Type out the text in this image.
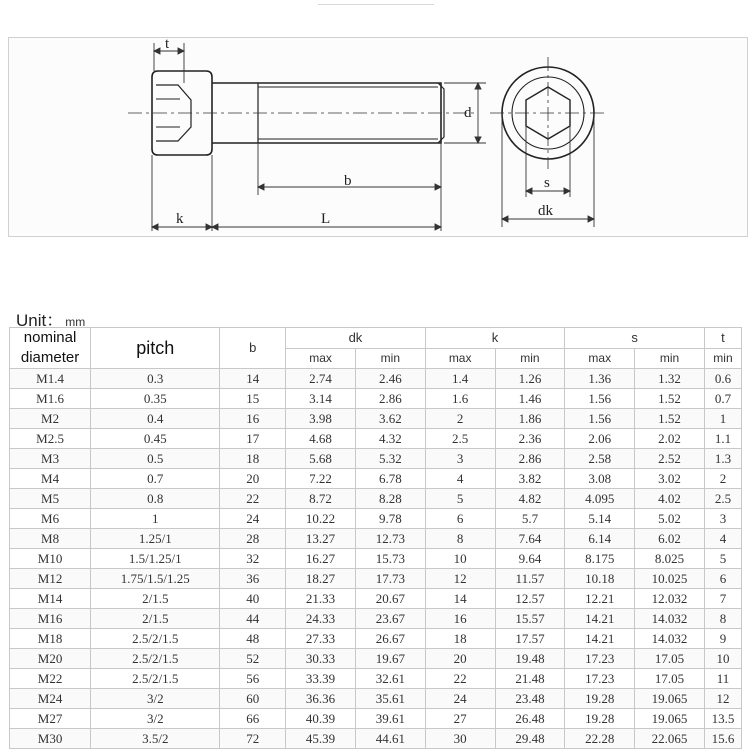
t
d
b
k	L
s
dk
Unit： mm
nominal
diameter	pitch	b	dk		k		s		t
			max	min	max	min	max	min	min
M1.4	0.3	14	2.74	2.46	1.4	1.26	1.36	1.32	0.6
M1.6	0.35	15	3.14	2.86	1.6	1.46	1.56	1.52	0.7
M2	0.4	16	3.98	3.62	2	1.86	1.56	1.52	1
M2.5	0.45	17	4.68	4.32	2.5	2.36	2.06	2.02	1.1
M3	0.5	18	5.68	5.32	3	2.86	2.58	2.52	1.3
M4	0.7	20	7.22	6.78	4	3.82	3.08	3.02	2
M5	0.8	22	8.72	8.28	5	4.82	4.095	4.02	2.5
M6	1	24	10.22	9.78	6	5.7	5.14	5.02	3
M8	1.25/1	28	13.27	12.73	8	7.64	6.14	6.02	4
M10	1.5/1.25/1	32	16.27	15.73	10	9.64	8.175	8.025	5
M12	1.75/1.5/1.25	36	18.27	17.73	12	11.57	10.18	10.025	6
M14	2/1.5	40	21.33	20.67	14	12.57	12.21	12.032	7
M16	2/1.5	44	24.33	23.67	16	15.57	14.21	14.032	8
M18	2.5/2/1.5	48	27.33	26.67	18	17.57	14.21	14.032	9
M20	2.5/2/1.5	52	30.33	19.67	20	19.48	17.23	17.05	10
M22	2.5/2/1.5	56	33.39	32.61	22	21.48	17.23	17.05	11
M24	3/2	60	36.36	35.61	24	23.48	19.28	19.065	12
M27	3/2	66	40.39	39.61	27	26.48	19.28	19.065	13.5
M30	3.5/2	72	45.39	44.61	30	29.48	22.28	22.065	15.6
